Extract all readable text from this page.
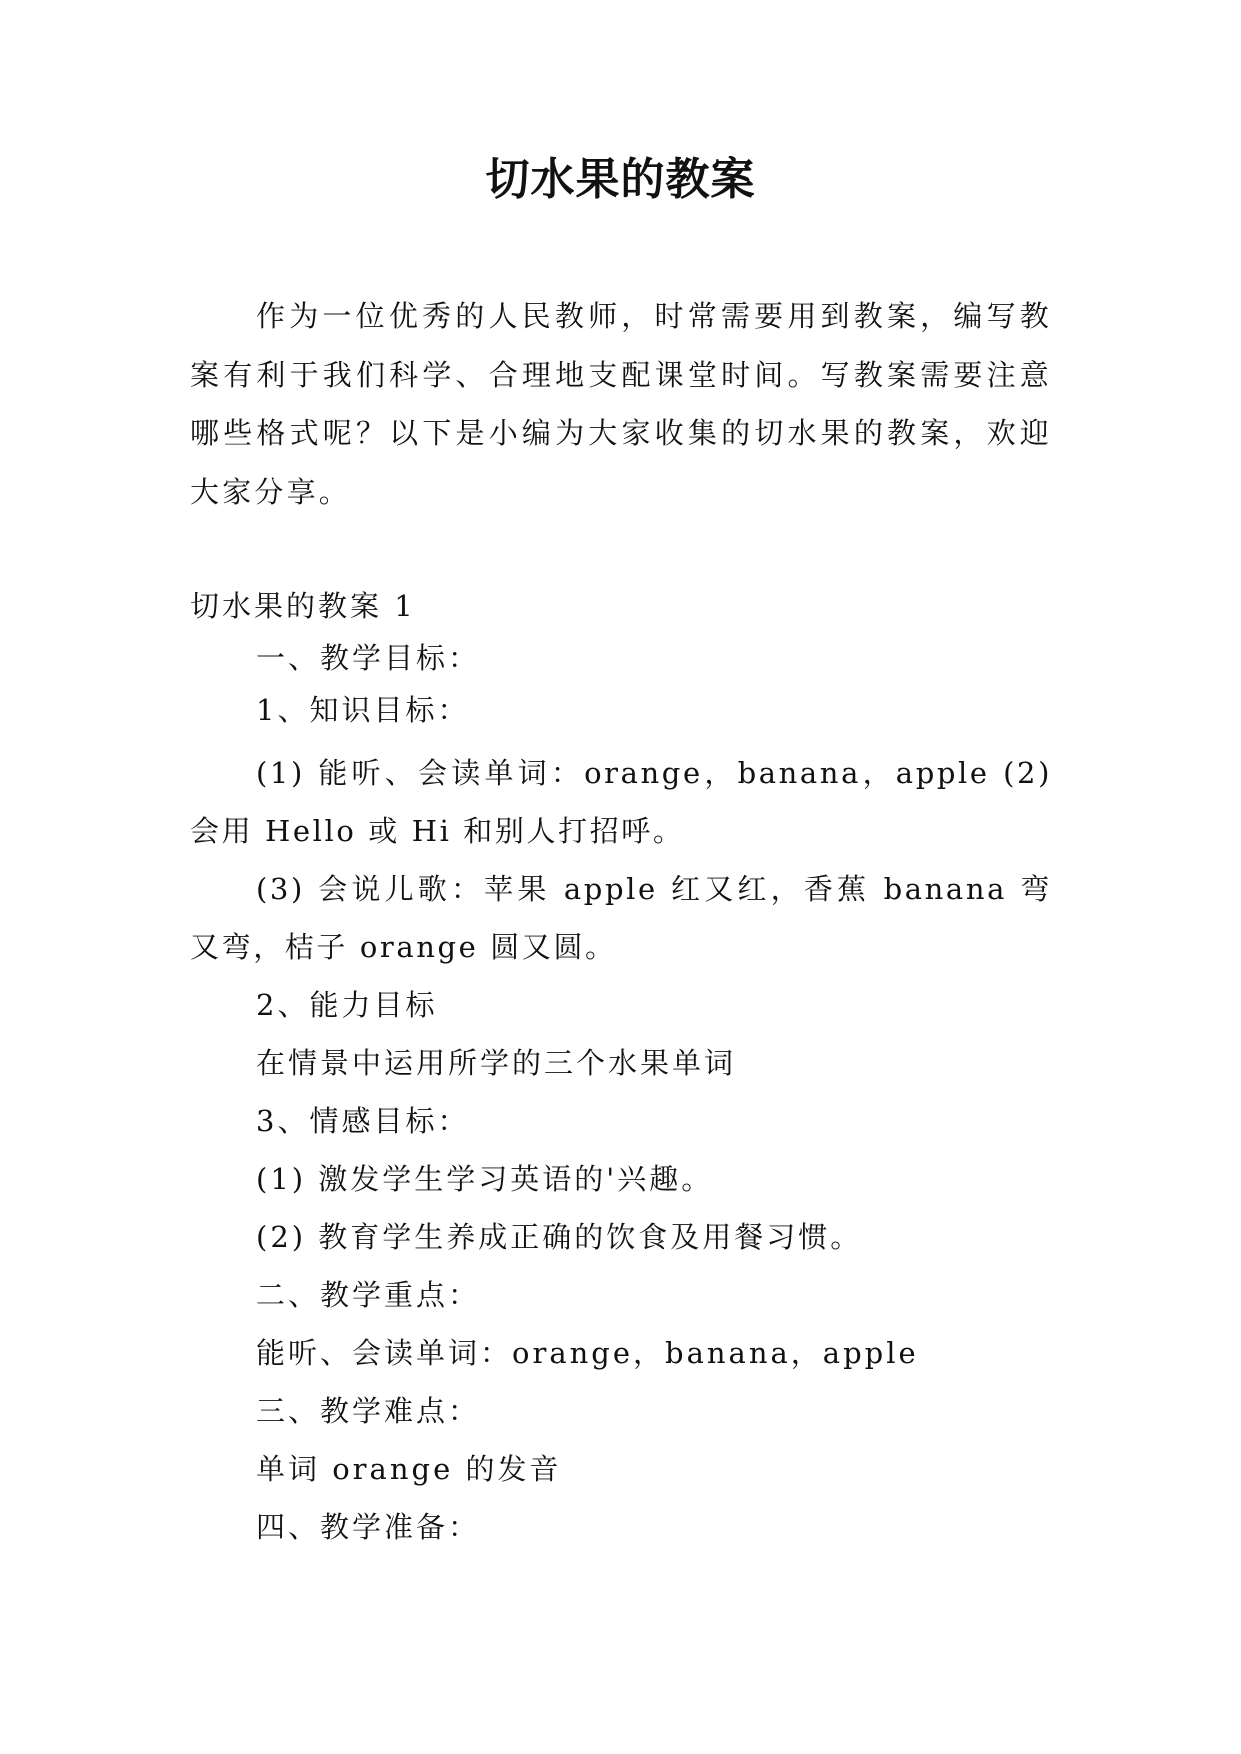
切水果的教案

作为一位优秀的人民教师，时常需要用到教案，编写教案有利于我们科学、合理地支配课堂时间。写教案需要注意哪些格式呢？以下是小编为大家收集的切水果的教案，欢迎大家分享。

切水果的教案 1

一、教学目标：

1、知识目标：

(1) 能听、会读单词：orange，banana，apple (2) 会用 Hello 或 Hi 和别人打招呼。

(3) 会说儿歌：苹果 apple 红又红，香蕉 banana 弯又弯，桔子 orange 圆又圆。

2、能力目标

在情景中运用所学的三个水果单词

3、情感目标：

(1) 激发学生学习英语的'兴趣。

(2) 教育学生养成正确的饮食及用餐习惯。

二、教学重点：

能听、会读单词：orange，banana，apple

三、教学难点：

单词 orange 的发音

四、教学准备：
